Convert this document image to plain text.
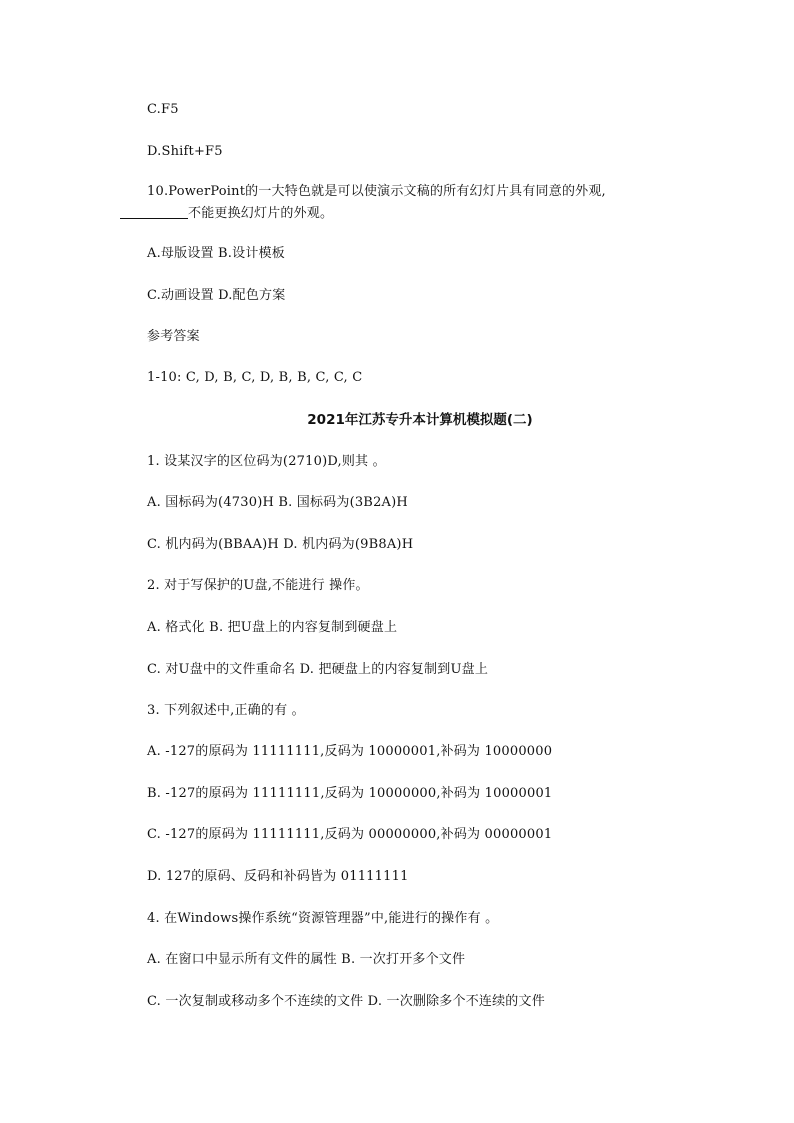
C.F5
D.Shift+F5
10.PowerPoint的一大特色就是可以使演示文稿的所有幻灯片具有同意的外观,
不能更换幻灯片的外观。
A.母版设置 B.设计模板
C.动画设置 D.配色方案
参考答案
1-10: C, D, B, C, D, B, B, C, C, C
2021年江苏专升本计算机模拟题(二)
1. 设某汉字的区位码为(2710)D,则其 。
A. 国标码为(4730)H B. 国标码为(3B2A)H
C. 机内码为(BBAA)H D. 机内码为(9B8A)H
2. 对于写保护的U盘,不能进行 操作。
A. 格式化 B. 把U盘上的内容复制到硬盘上
C. 对U盘中的文件重命名 D. 把硬盘上的内容复制到U盘上
3. 下列叙述中,正确的有 。
A. -127的原码为 11111111,反码为 10000001,补码为 10000000
B. -127的原码为 11111111,反码为 10000000,补码为 10000001
C. -127的原码为 11111111,反码为 00000000,补码为 00000001
D. 127的原码、反码和补码皆为 01111111
4. 在Windows操作系统“资源管理器”中,能进行的操作有 。
A. 在窗口中显示所有文件的属性 B. 一次打开多个文件
C. 一次复制或移动多个不连续的文件 D. 一次删除多个不连续的文件
